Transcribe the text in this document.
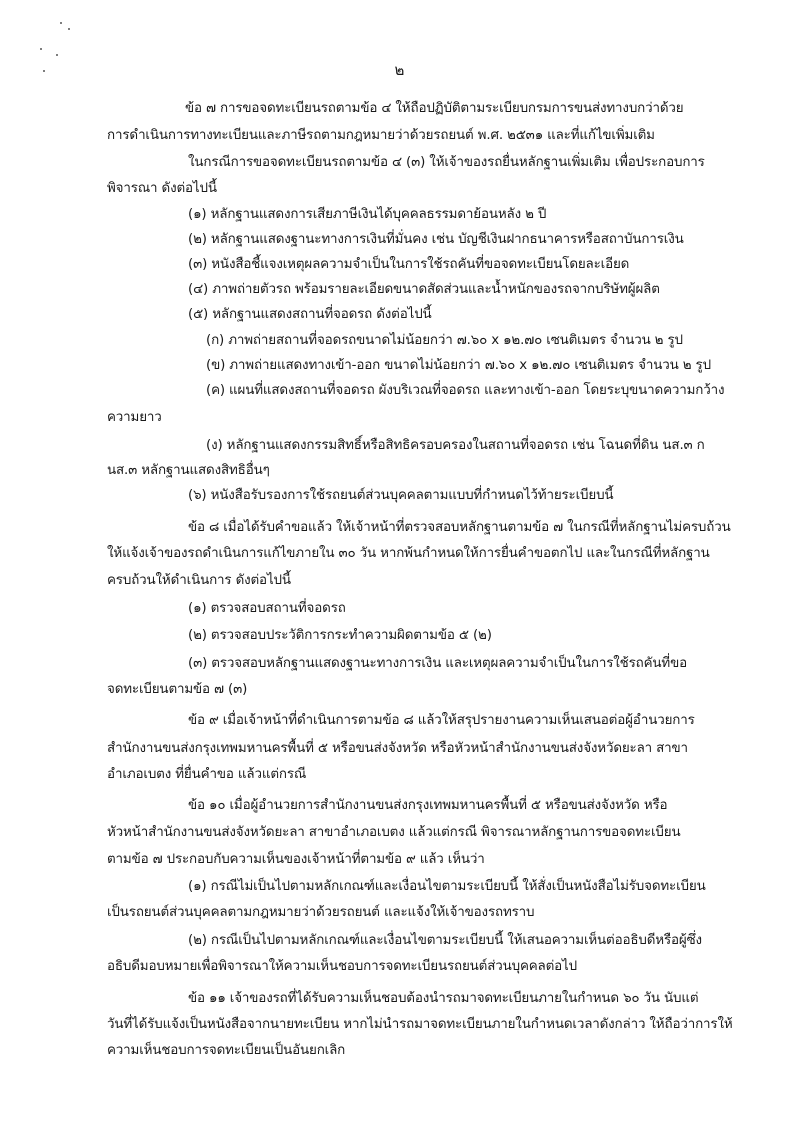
๒
ข้อ ๗ การขอจดทะเบียนรถตามข้อ ๔ ให้ถือปฏิบัติตามระเบียบกรมการขนส่งทางบกว่าด้วย
การดำเนินการทางทะเบียนและภาษีรถตามกฎหมายว่าด้วยรถยนต์ พ.ศ. ๒๕๓๑ และที่แก้ไขเพิ่มเติม
ในกรณีการขอจดทะเบียนรถตามข้อ ๔ (๓) ให้เจ้าของรถยื่นหลักฐานเพิ่มเติม เพื่อประกอบการ
พิจารณา ดังต่อไปนี้
(๑) หลักฐานแสดงการเสียภาษีเงินได้บุคคลธรรมดาย้อนหลัง ๒ ปี
(๒) หลักฐานแสดงฐานะทางการเงินที่มั่นคง เช่น บัญชีเงินฝากธนาคารหรือสถาบันการเงิน
(๓) หนังสือชี้แจงเหตุผลความจำเป็นในการใช้รถคันที่ขอจดทะเบียนโดยละเอียด
(๔) ภาพถ่ายตัวรถ พร้อมรายละเอียดขนาดสัดส่วนและน้ำหนักของรถจากบริษัทผู้ผลิต
(๕) หลักฐานแสดงสถานที่จอดรถ ดังต่อไปนี้
(ก) ภาพถ่ายสถานที่จอดรถขนาดไม่น้อยกว่า ๗.๖๐ x ๑๒.๗๐ เซนติเมตร จำนวน ๒ รูป
(ข) ภาพถ่ายแสดงทางเข้า-ออก ขนาดไม่น้อยกว่า ๗.๖๐ x ๑๒.๗๐ เซนติเมตร จำนวน ๒ รูป
(ค) แผนที่แสดงสถานที่จอดรถ ผังบริเวณที่จอดรถ และทางเข้า-ออก โดยระบุขนาดความกว้าง
ความยาว
(ง) หลักฐานแสดงกรรมสิทธิ์หรือสิทธิครอบครองในสถานที่จอดรถ เช่น โฉนดที่ดิน นส.๓ ก
นส.๓ หลักฐานแสดงสิทธิอื่นๆ
(๖) หนังสือรับรองการใช้รถยนต์ส่วนบุคคลตามแบบที่กำหนดไว้ท้ายระเบียบนี้
ข้อ ๘ เมื่อได้รับคำขอแล้ว ให้เจ้าหน้าที่ตรวจสอบหลักฐานตามข้อ ๗ ในกรณีที่หลักฐานไม่ครบถ้วน
ให้แจ้งเจ้าของรถดำเนินการแก้ไขภายใน ๓๐ วัน หากพ้นกำหนดให้การยื่นคำขอตกไป และในกรณีที่หลักฐาน
ครบถ้วนให้ดำเนินการ ดังต่อไปนี้
(๑) ตรวจสอบสถานที่จอดรถ
(๒) ตรวจสอบประวัติการกระทำความผิดตามข้อ ๕ (๒)
(๓) ตรวจสอบหลักฐานแสดงฐานะทางการเงิน และเหตุผลความจำเป็นในการใช้รถคันที่ขอ
จดทะเบียนตามข้อ ๗ (๓)
ข้อ ๙ เมื่อเจ้าหน้าที่ดำเนินการตามข้อ ๘ แล้วให้สรุปรายงานความเห็นเสนอต่อผู้อำนวยการ
สำนักงานขนส่งกรุงเทพมหานครพื้นที่ ๕ หรือขนส่งจังหวัด หรือหัวหน้าสำนักงานขนส่งจังหวัดยะลา สาขา
อำเภอเบตง ที่ยื่นคำขอ แล้วแต่กรณี
ข้อ ๑๐ เมื่อผู้อำนวยการสำนักงานขนส่งกรุงเทพมหานครพื้นที่ ๕ หรือขนส่งจังหวัด หรือ
หัวหน้าสำนักงานขนส่งจังหวัดยะลา สาขาอำเภอเบตง แล้วแต่กรณี พิจารณาหลักฐานการขอจดทะเบียน
ตามข้อ ๗ ประกอบกับความเห็นของเจ้าหน้าที่ตามข้อ ๙ แล้ว เห็นว่า
(๑) กรณีไม่เป็นไปตามหลักเกณฑ์และเงื่อนไขตามระเบียบนี้ ให้สั่งเป็นหนังสือไม่รับจดทะเบียน
เป็นรถยนต์ส่วนบุคคลตามกฎหมายว่าด้วยรถยนต์ และแจ้งให้เจ้าของรถทราบ
(๒) กรณีเป็นไปตามหลักเกณฑ์และเงื่อนไขตามระเบียบนี้ ให้เสนอความเห็นต่ออธิบดีหรือผู้ซึ่ง
อธิบดีมอบหมายเพื่อพิจารณาให้ความเห็นชอบการจดทะเบียนรถยนต์ส่วนบุคคลต่อไป
ข้อ ๑๑ เจ้าของรถที่ได้รับความเห็นชอบต้องนำรถมาจดทะเบียนภายในกำหนด ๖๐ วัน นับแต่
วันที่ได้รับแจ้งเป็นหนังสือจากนายทะเบียน หากไม่นำรถมาจดทะเบียนภายในกำหนดเวลาดังกล่าว ให้ถือว่าการให้
ความเห็นชอบการจดทะเบียนเป็นอันยกเลิก
